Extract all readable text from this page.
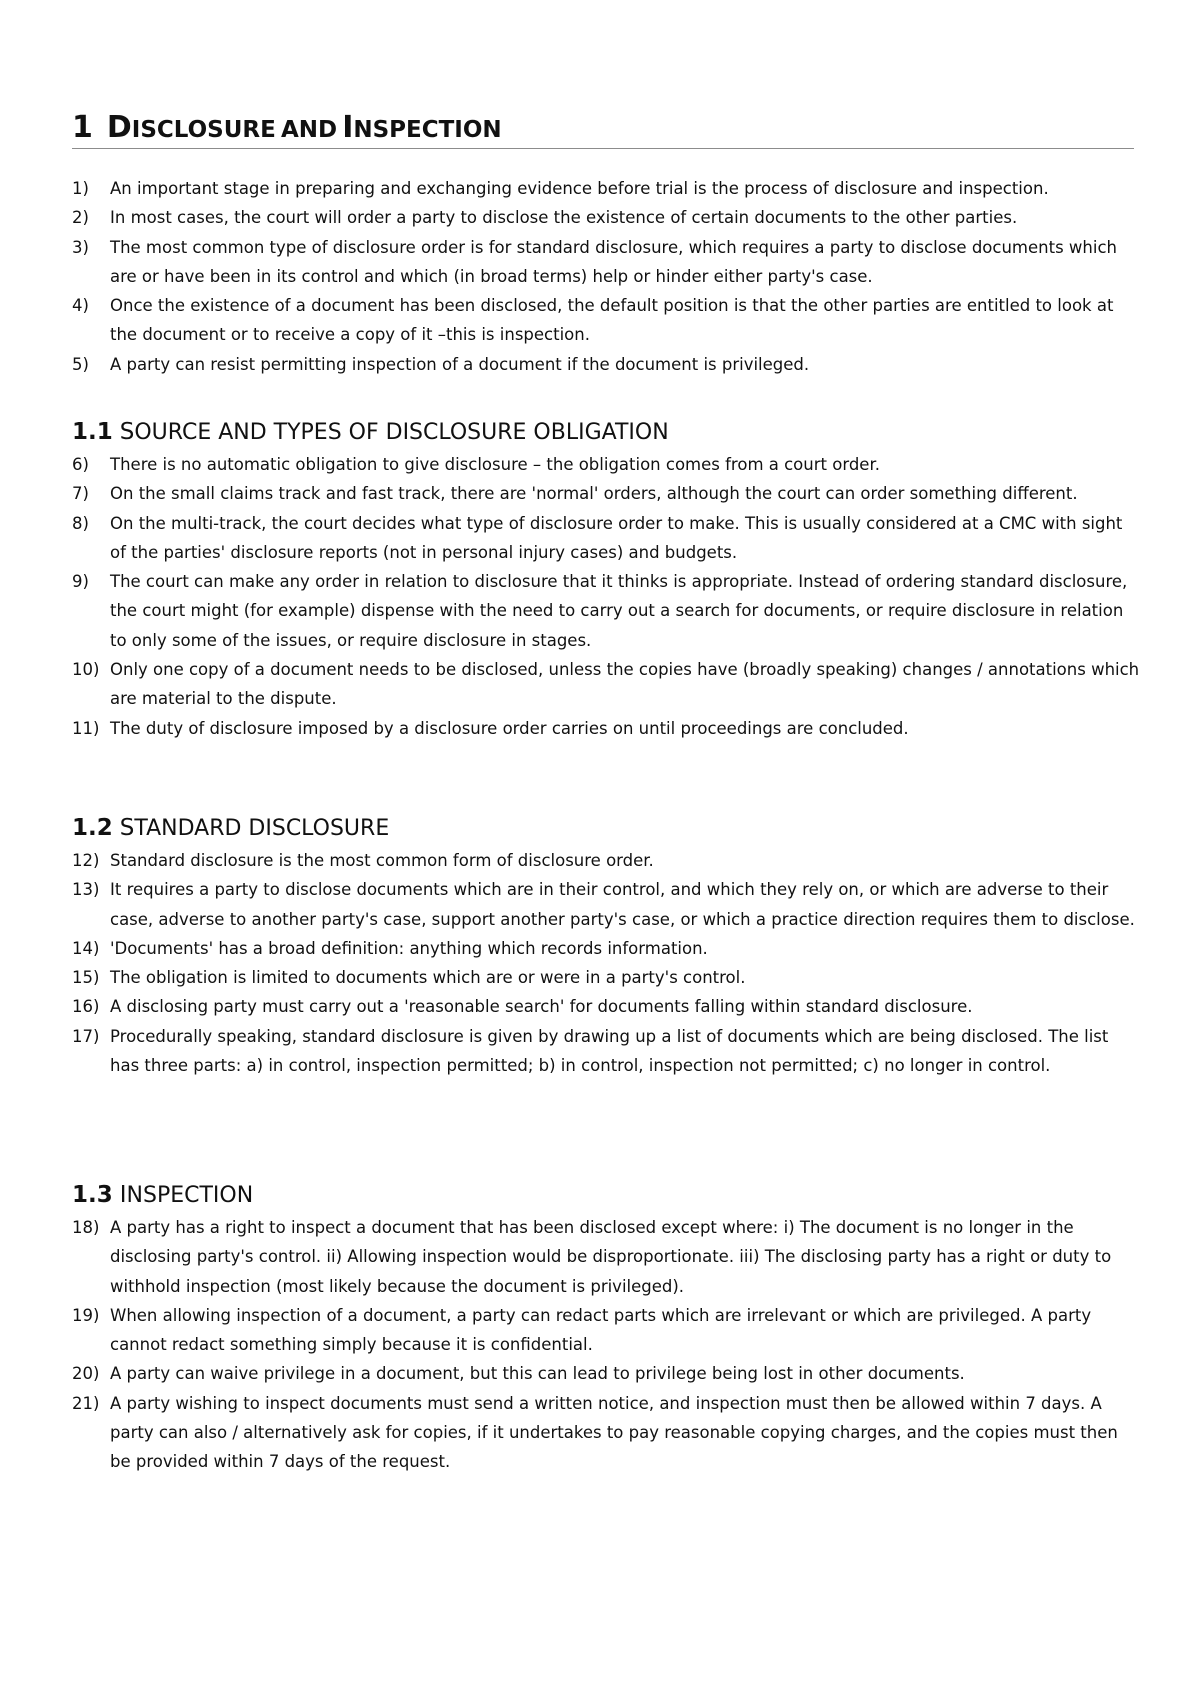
1 DISCLOSURE AND INSPECTION
1) An important stage in preparing and exchanging evidence before trial is the process of disclosure and inspection.
2) In most cases, the court will order a party to disclose the existence of certain documents to the other parties.
3) The most common type of disclosure order is for standard disclosure, which requires a party to disclose documents which are or have been in its control and which (in broad terms) help or hinder either party's case.
4) Once the existence of a document has been disclosed, the default position is that the other parties are entitled to look at the document or to receive a copy of it –this is inspection.
5) A party can resist permitting inspection of a document if the document is privileged.
1.1 SOURCE AND TYPES OF DISCLOSURE OBLIGATION
6) There is no automatic obligation to give disclosure – the obligation comes from a court order.
7) On the small claims track and fast track, there are 'normal' orders, although the court can order something different.
8) On the multi-track, the court decides what type of disclosure order to make. This is usually considered at a CMC with sight of the parties' disclosure reports (not in personal injury cases) and budgets.
9) The court can make any order in relation to disclosure that it thinks is appropriate. Instead of ordering standard disclosure, the court might (for example) dispense with the need to carry out a search for documents, or require disclosure in relation to only some of the issues, or require disclosure in stages.
10) Only one copy of a document needs to be disclosed, unless the copies have (broadly speaking) changes / annotations which are material to the dispute.
11) The duty of disclosure imposed by a disclosure order carries on until proceedings are concluded.
1.2 STANDARD DISCLOSURE
12) Standard disclosure is the most common form of disclosure order.
13) It requires a party to disclose documents which are in their control, and which they rely on, or which are adverse to their case, adverse to another party's case, support another party's case, or which a practice direction requires them to disclose.
14) 'Documents' has a broad definition: anything which records information.
15) The obligation is limited to documents which are or were in a party's control.
16) A disclosing party must carry out a 'reasonable search' for documents falling within standard disclosure.
17) Procedurally speaking, standard disclosure is given by drawing up a list of documents which are being disclosed. The list has three parts: a) in control, inspection permitted; b) in control, inspection not permitted; c) no longer in control.
1.3 INSPECTION
18) A party has a right to inspect a document that has been disclosed except where: i) The document is no longer in the disclosing party's control. ii) Allowing inspection would be disproportionate. iii) The disclosing party has a right or duty to withhold inspection (most likely because the document is privileged).
19) When allowing inspection of a document, a party can redact parts which are irrelevant or which are privileged. A party cannot redact something simply because it is confidential.
20) A party can waive privilege in a document, but this can lead to privilege being lost in other documents.
21) A party wishing to inspect documents must send a written notice, and inspection must then be allowed within 7 days. A party can also / alternatively ask for copies, if it undertakes to pay reasonable copying charges, and the copies must then be provided within 7 days of the request.
